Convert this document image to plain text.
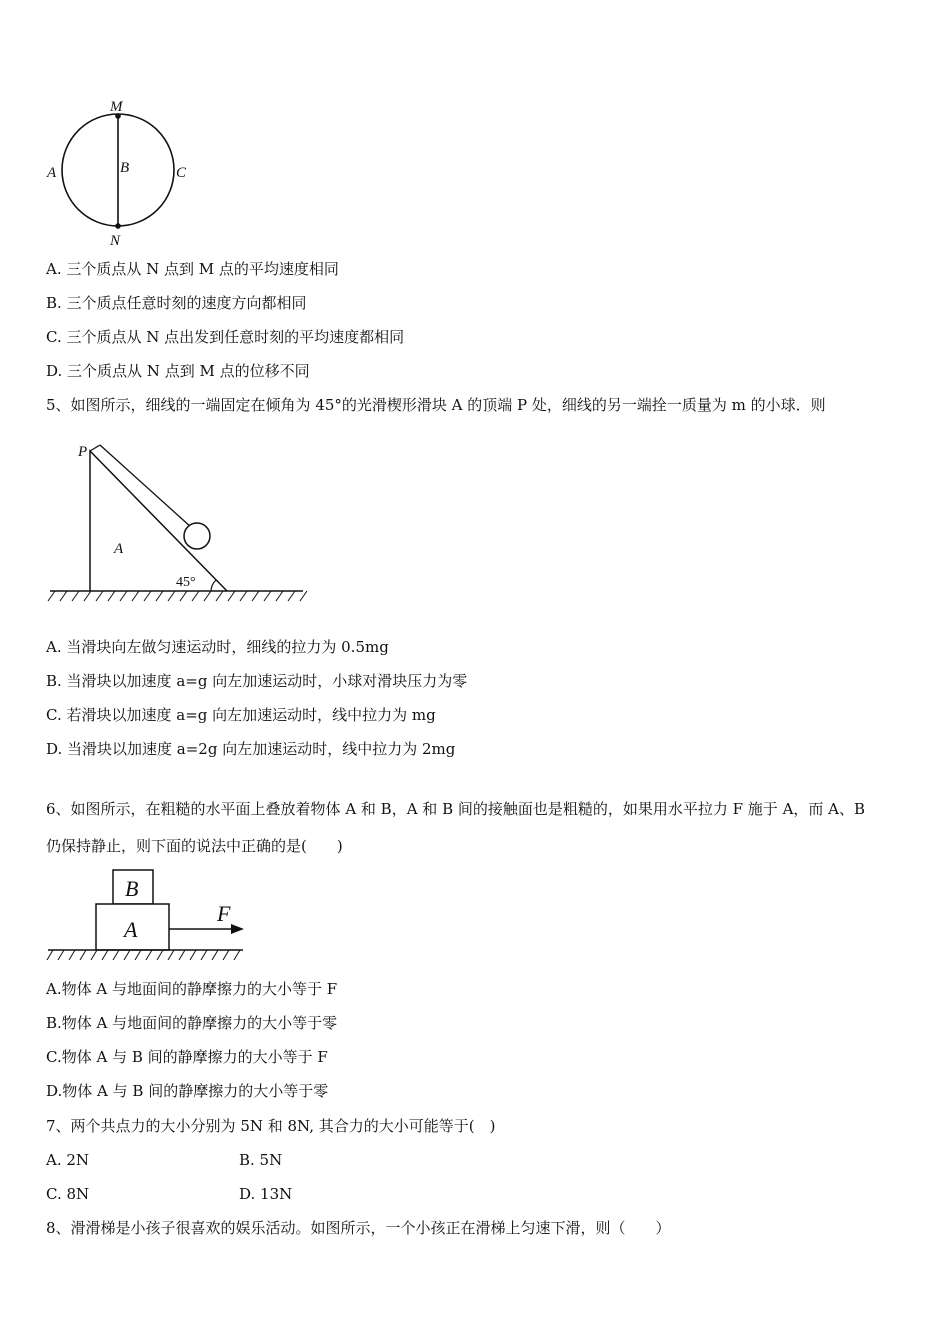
M
N
A	B	C
A. 三个质点从 N 点到 M 点的平均速度相同
B. 三个质点任意时刻的速度方向都相同
C. 三个质点从 N 点出发到任意时刻的平均速度都相同
D. 三个质点从 N 点到 M 点的位移不同
5、如图所示，细线的一端固定在倾角为 45°的光滑楔形滑块 A 的顶端 P 处，细线的另一端拴一质量为 m 的小球．则
P
A
45°
A. 当滑块向左做匀速运动时，细线的拉力为 0.5mg
B. 当滑块以加速度 a=g 向左加速运动时，小球对滑块压力为零
C. 若滑块以加速度 a=g 向左加速运动时，线中拉力为 mg
D. 当滑块以加速度 a=2g 向左加速运动时，线中拉力为 2mg
6、如图所示，在粗糙的水平面上叠放着物体 A 和 B，A 和 B 间的接触面也是粗糙的，如果用水平拉力 F 施于 A，而 A、B
仍保持静止，则下面的说法中正确的是(　　)
B
A
F
A.物体 A 与地面间的静摩擦力的大小等于 F
B.物体 A 与地面间的静摩擦力的大小等于零
C.物体 A 与 B 间的静摩擦力的大小等于 F
D.物体 A 与 B 间的静摩擦力的大小等于零
7、两个共点力的大小分别为 5N 和 8N, 其合力的大小可能等于(　)
A. 2N	B. 5N
C. 8N	D. 13N
8、滑滑梯是小孩子很喜欢的娱乐活动。如图所示，一个小孩正在滑梯上匀速下滑，则（　　）
